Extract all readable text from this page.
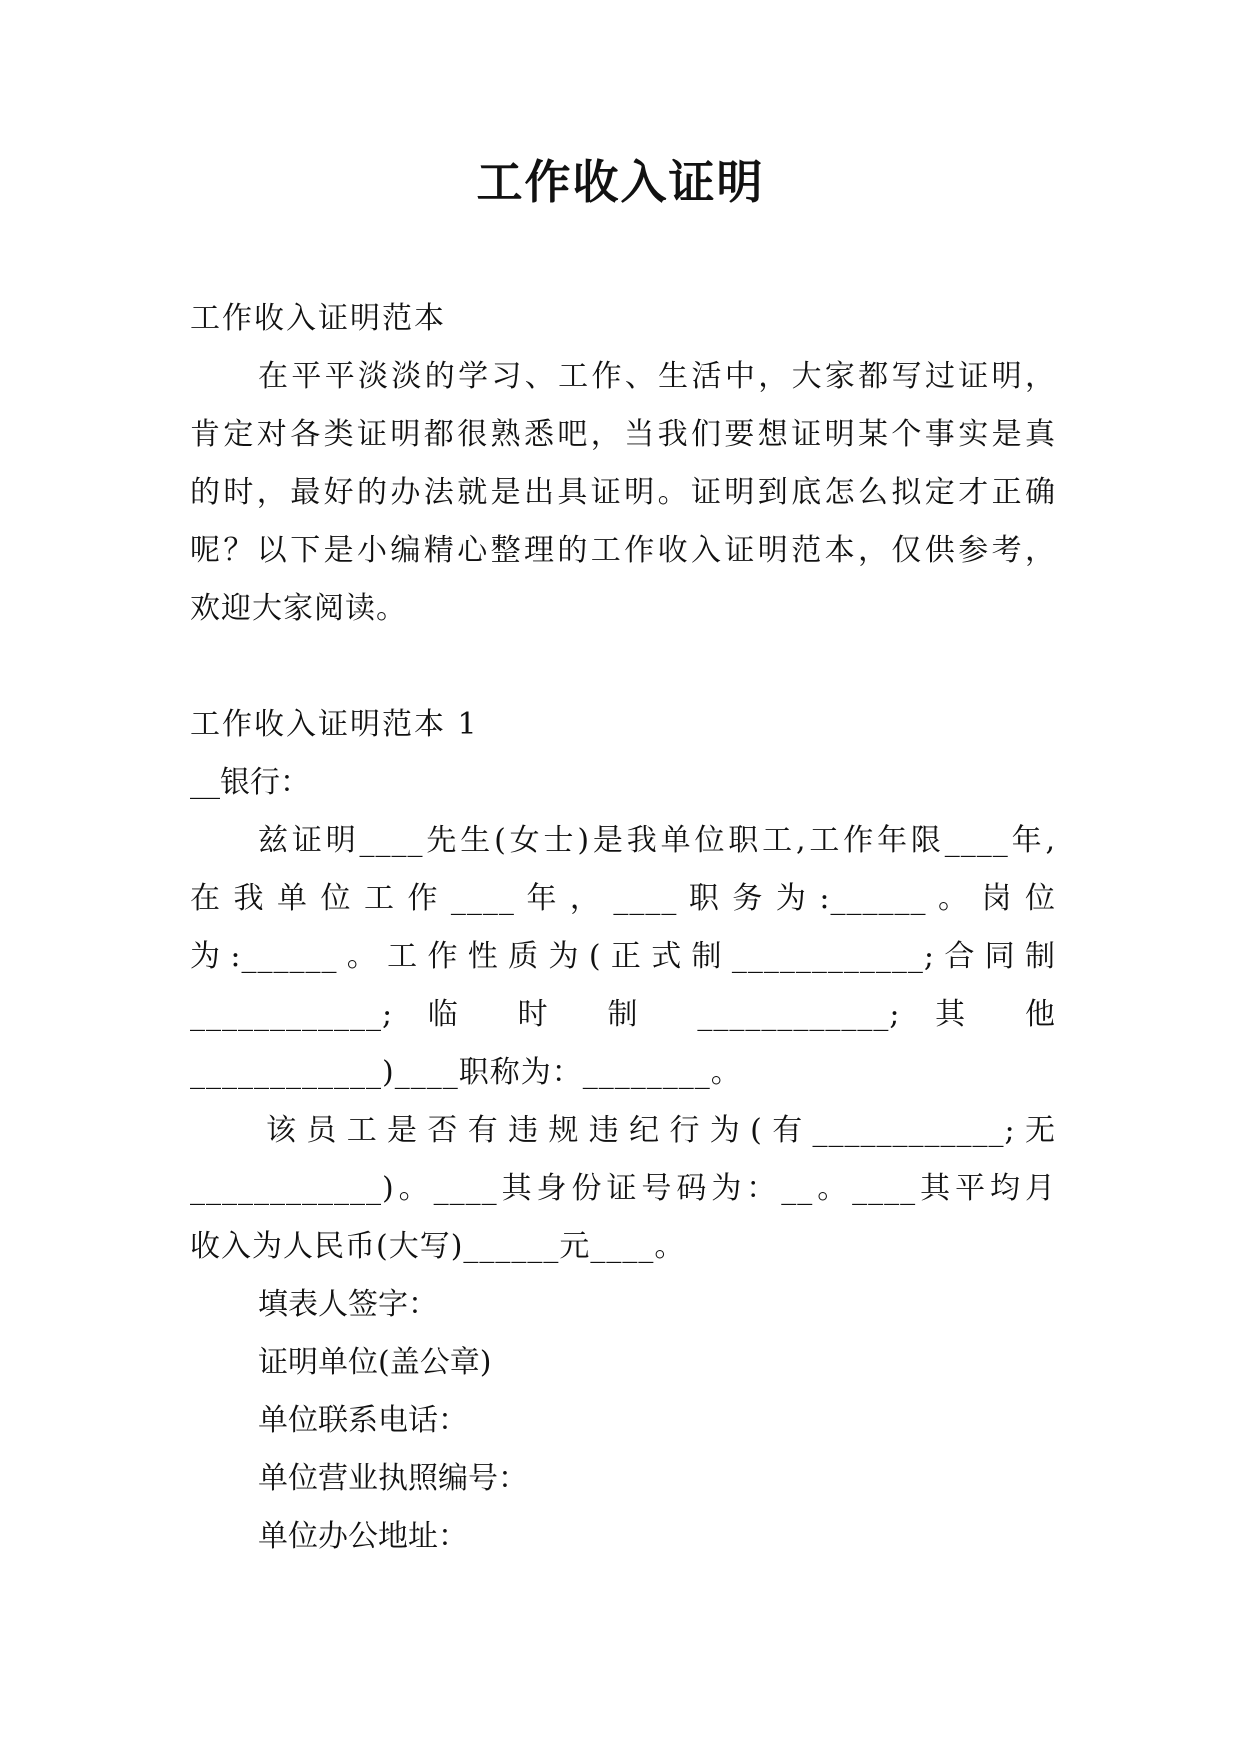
工作收入证明
工作收入证明范本
在平平淡淡的学习、工作、生活中，大家都写过证明，
肯定对各类证明都很熟悉吧，当我们要想证明某个事实是真
的时，最好的办法就是出具证明。证明到底怎么拟定才正确
呢？以下是小编精心整理的工作收入证明范本，仅供参考，
欢迎大家阅读。
工作收入证明范本 1
__银行：
兹证明____先生(女士)是我单位职工,工作年限____年,
在 我 单 位 工 作 ____ 年 ， ____ 职 务 为 :______ 。 岗 位
为:______。工作性质为(正式制____________;合同制
____________; 临 时 制 ____________; 其 他
____________)____职称为：________。
该员工是否有违规违纪行为(有____________;无
____________)。____其身份证号码为：__。____其平均月
收入为人民币(大写)______元____。
填表人签字：
证明单位(盖公章)
单位联系电话：
单位营业执照编号：
单位办公地址：
